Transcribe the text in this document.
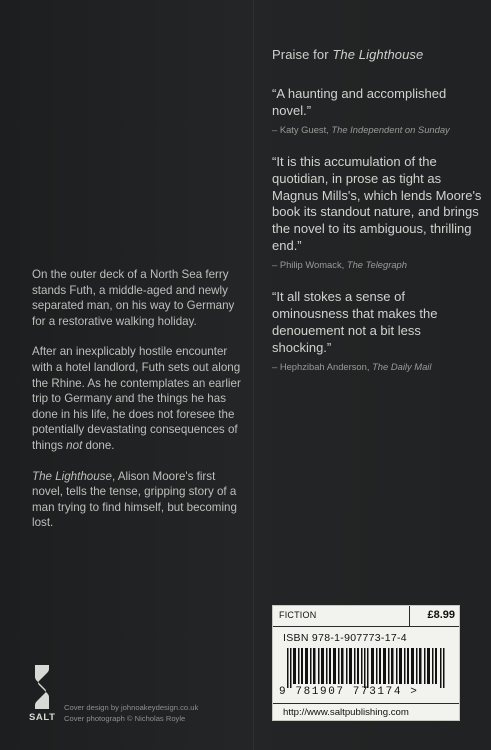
On the outer deck of a North Sea ferry stands Futh, a middle-aged and newly separated man, on his way to Germany for a restorative walking holiday.

After an inexplicably hostile encounter with a hotel landlord, Futh sets out along the Rhine. As he contemplates an earlier trip to Germany and the things he has done in his life, he does not foresee the potentially devastating consequences of things not done.

The Lighthouse, Alison Moore's first novel, tells the tense, gripping story of a man trying to find himself, but becoming lost.

Praise for The Lighthouse
“A haunting and accomplished novel.”
– Katy Guest, The Independent on Sunday
“It is this accumulation of the quotidian, in prose as tight as Magnus Mills's, which lends Moore's book its standout nature, and brings the novel to its ambiguous, thrilling end.”
– Philip Womack, The Telegraph
“It all stokes a sense of ominousness that makes the denouement not a bit less shocking.”
– Hephzibah Anderson, The Daily Mail
FICTION	£8.99
ISBN 978-1-907773-17-4
9 781907 773174 >
http://www.saltpublishing.com
SALT
Cover design by johnoakeydesign.co.uk
Cover photograph © Nicholas Royle
